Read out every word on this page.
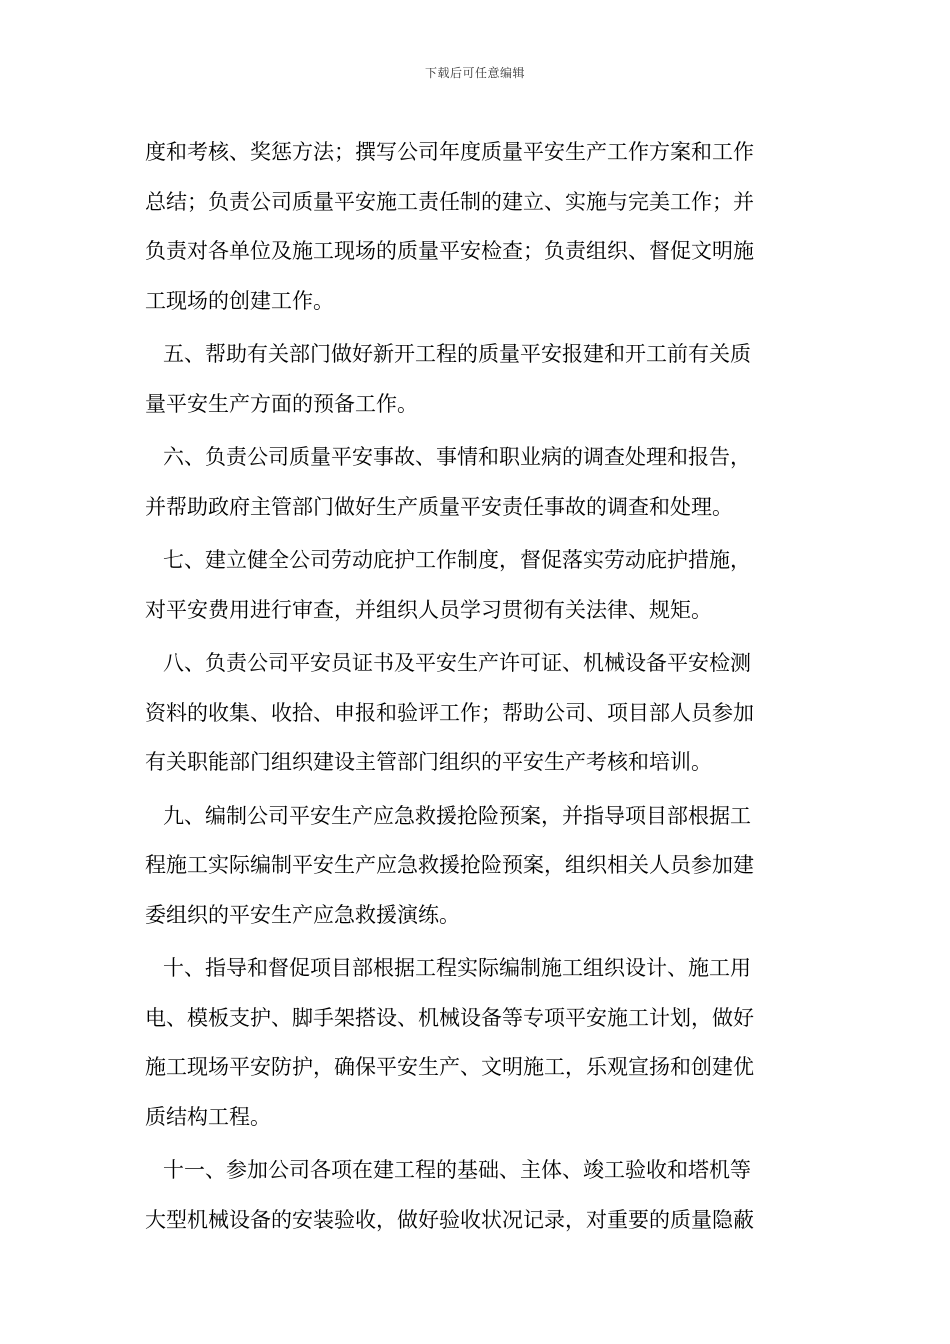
下载后可任意编辑
度和考核、奖惩方法；撰写公司年度质量平安生产工作方案和工作
总结；负责公司质量平安施工责任制的建立、实施与完美工作；并
负责对各单位及施工现场的质量平安检查；负责组织、督促文明施
工现场的创建工作。
五、帮助有关部门做好新开工程的质量平安报建和开工前有关质
量平安生产方面的预备工作。
六、负责公司质量平安事故、事情和职业病的调查处理和报告，
并帮助政府主管部门做好生产质量平安责任事故的调查和处理。
七、建立健全公司劳动庇护工作制度，督促落实劳动庇护措施，
对平安费用进行审查，并组织人员学习贯彻有关法律、规矩。
八、负责公司平安员证书及平安生产许可证、机械设备平安检测
资料的收集、收拾、申报和验评工作；帮助公司、项目部人员参加
有关职能部门组织建设主管部门组织的平安生产考核和培训。
九、编制公司平安生产应急救援抢险预案，并指导项目部根据工
程施工实际编制平安生产应急救援抢险预案，组织相关人员参加建
委组织的平安生产应急救援演练。
十、指导和督促项目部根据工程实际编制施工组织设计、施工用
电、模板支护、脚手架搭设、机械设备等专项平安施工计划，做好
施工现场平安防护，确保平安生产、文明施工，乐观宣扬和创建优
质结构工程。
十一、参加公司各项在建工程的基础、主体、竣工验收和塔机等
大型机械设备的安装验收，做好验收状况记录，对重要的质量隐蔽
